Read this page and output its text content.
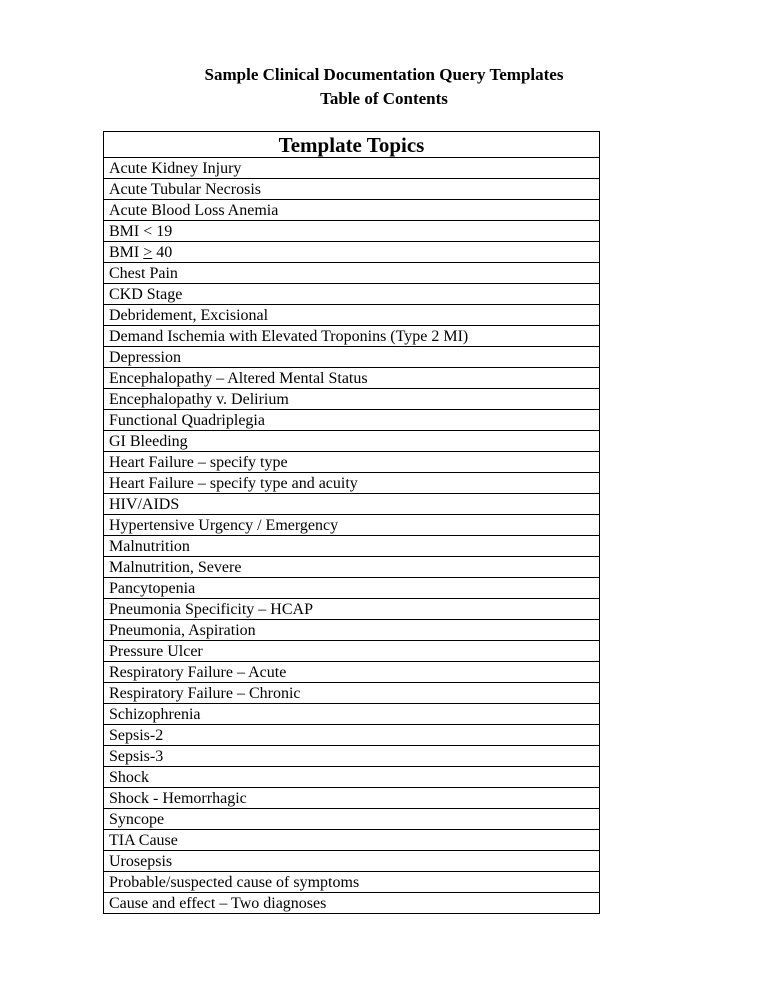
Sample Clinical Documentation Query Templates
Table of Contents
Template Topics
Acute Kidney Injury
Acute Tubular Necrosis
Acute Blood Loss Anemia
BMI < 19
BMI ≥ 40
Chest Pain
CKD Stage
Debridement, Excisional
Demand Ischemia with Elevated Troponins (Type 2 MI)
Depression
Encephalopathy – Altered Mental Status
Encephalopathy v. Delirium
Functional Quadriplegia
GI Bleeding
Heart Failure – specify type
Heart Failure – specify type and acuity
HIV/AIDS
Hypertensive Urgency / Emergency
Malnutrition
Malnutrition, Severe
Pancytopenia
Pneumonia Specificity – HCAP
Pneumonia, Aspiration
Pressure Ulcer
Respiratory Failure – Acute
Respiratory Failure – Chronic
Schizophrenia
Sepsis-2
Sepsis-3
Shock
Shock - Hemorrhagic
Syncope
TIA Cause
Urosepsis
Probable/suspected cause of symptoms
Cause and effect – Two diagnoses
